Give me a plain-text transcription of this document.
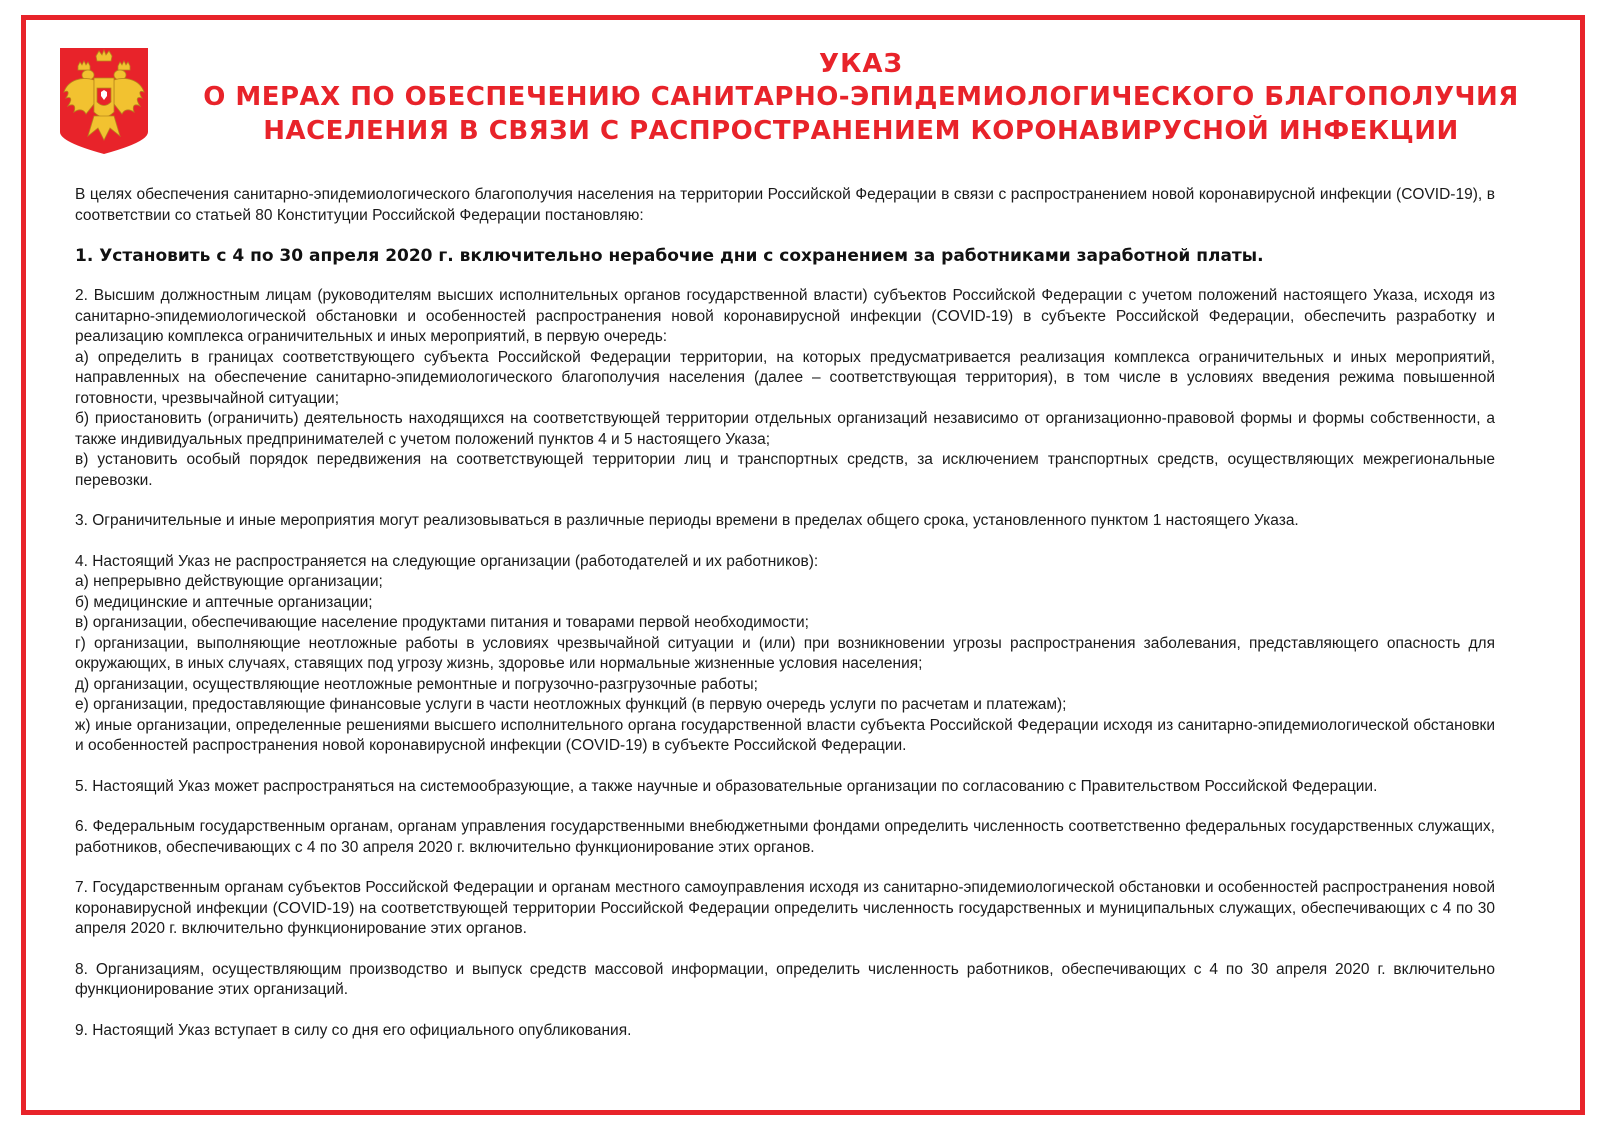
УКАЗ
О МЕРАХ ПО ОБЕСПЕЧЕНИЮ САНИТАРНО-ЭПИДЕМИОЛОГИЧЕСКОГО БЛАГОПОЛУЧИЯ
НАСЕЛЕНИЯ В СВЯЗИ С РАСПРОСТРАНЕНИЕМ КОРОНАВИРУСНОЙ ИНФЕКЦИИ

В целях обеспечения санитарно-эпидемиологического благополучия населения на территории Российской Федерации в связи с распространением новой коронавирусной инфекции (COVID-19), в соответствии со статьей 80 Конституции Российской Федерации постановляю:

1. Установить с 4 по 30 апреля 2020 г. включительно нерабочие дни с сохранением за работниками заработной платы.

2. Высшим должностным лицам (руководителям высших исполнительных органов государственной власти) субъектов Российской Федерации с учетом положений настоящего Указа, исходя из санитарно-эпидемиологической обстановки и особенностей распространения новой коронавирусной инфекции (COVID-19) в субъекте Российской Федерации, обеспечить разработку и реализацию комплекса ограничительных и иных мероприятий, в первую очередь:

а) определить в границах соответствующего субъекта Российской Федерации территории, на которых предусматривается реализация комплекса ограничительных и иных мероприятий, направленных на обеспечение санитарно-эпидемиологического благополучия населения (далее – соответствующая территория), в том числе в условиях введения режима повышенной готовности, чрезвычайной ситуации;

б) приостановить (ограничить) деятельность находящихся на соответствующей территории отдельных организаций независимо от организационно-правовой формы и формы собственности, а также индивидуальных предпринимателей с учетом положений пунктов 4 и 5 настоящего Указа;

в) установить особый порядок передвижения на соответствующей территории лиц и транспортных средств, за исключением транспортных средств, осуществляющих межрегиональные перевозки.

3. Ограничительные и иные мероприятия могут реализовываться в различные периоды времени в пределах общего срока, установленного пунктом 1 настоящего Указа.

4. Настоящий Указ не распространяется на следующие организации (работодателей и их работников):

а) непрерывно действующие организации;

б) медицинские и аптечные организации;

в) организации, обеспечивающие население продуктами питания и товарами первой необходимости;

г) организации, выполняющие неотложные работы в условиях чрезвычайной ситуации и (или) при возникновении угрозы распространения заболевания, представляющего опасность для окружающих, в иных случаях, ставящих под угрозу жизнь, здоровье или нормальные жизненные условия населения;

д) организации, осуществляющие неотложные ремонтные и погрузочно-разгрузочные работы;

е) организации, предоставляющие финансовые услуги в части неотложных функций (в первую очередь услуги по расчетам и платежам);

ж) иные организации, определенные решениями высшего исполнительного органа государственной власти субъекта Российской Федерации исходя из санитарно-эпидемиологической обстановки и особенностей распространения новой коронавирусной инфекции (COVID-19) в субъекте Российской Федерации.

5. Настоящий Указ может распространяться на системообразующие, а также научные и образовательные организации по согласованию с Правительством Российской Федерации.

6. Федеральным государственным органам, органам управления государственными внебюджетными фондами определить численность соответственно федеральных государственных служащих, работников, обеспечивающих с 4 по 30 апреля 2020 г. включительно функционирование этих органов.

7. Государственным органам субъектов Российской Федерации и органам местного самоуправления исходя из санитарно-эпидемиологической обстановки и особенностей распространения новой коронавирусной инфекции (COVID-19) на соответствующей территории Российской Федерации определить численность государственных и муниципальных служащих, обеспечивающих с 4 по 30 апреля 2020 г. включительно функционирование этих органов.

8. Организациям, осуществляющим производство и выпуск средств массовой информации, определить численность работников, обеспечивающих с 4 по 30 апреля 2020 г. включительно функционирование этих организаций.

9. Настоящий Указ вступает в силу со дня его официального опубликования.
